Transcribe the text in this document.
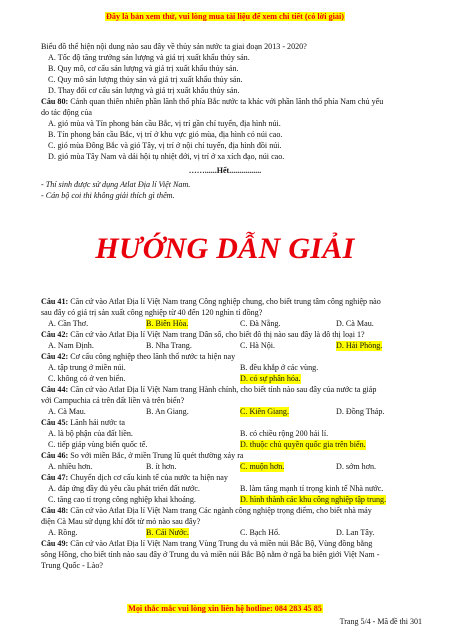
Đây là bản xem thử, vui lòng mua tài liệu để xem chi tiết (có lời giải)
Biểu đồ thể hiện nội dung nào sau đây về thủy sản nước ta giai đoạn 2013 - 2020?
A. Tốc độ tăng trưởng sản lượng và giá trị xuất khẩu thủy sản.
B. Quy mô, cơ cấu sản lượng và giá trị xuất khẩu thủy sản.
C. Quy mô sản lượng thủy sản và giá trị xuất khẩu thủy sản.
D. Thay đổi cơ cấu sản lượng và giá trị xuất khẩu thủy sản.
Câu 80: Cảnh quan thiên nhiên phần lãnh thổ phía Bắc nước ta khác với phần lãnh thổ phía Nam chủ yếu
do tác động của
A. gió mùa và Tín phong bán cầu Bắc, vị trí gần chí tuyến, địa hình núi.
B. Tín phong bán cầu Bắc, vị trí ở khu vực gió mùa, địa hình có núi cao.
C. gió mùa Đông Bắc và gió Tây, vị trí ở nội chí tuyến, địa hình đồi núi.
D. gió mùa Tây Nam và dải hội tụ nhiệt đới, vị trí ở xa xích đạo, núi cao.
……......Hết................
- Thí sinh được sử dụng Atlat Địa lí Việt Nam.
- Cán bộ coi thi không giải thích gì thêm.
HƯỚNG DẪN GIẢI
Câu 41: Căn cứ vào Atlat Địa lí Việt Nam trang Công nghiệp chung, cho biết trung tâm công nghiệp nào
sau đây có giá trị sản xuất công nghiệp từ 40 đến 120 nghìn tỉ đồng?
A. Cần Thơ.	B. Biên Hòa.	C. Đà Nẵng.	D. Cà Mau.
Câu 42: Căn cứ vào Atlat Địa lí Việt Nam trang Dân số, cho biết đô thị nào sau đây là đô thị loại 1?
A. Nam Định.	B. Nha Trang.	C. Hà Nội.	D. Hải Phòng.
Câu 42: Cơ cấu công nghiệp theo lãnh thổ nước ta hiện nay
A. tập trung ở miền núi.	B. đều khắp ở các vùng.
C. không có ở ven biển.	D. có sự phân hóa.
Câu 44: Căn cứ vào Atlat Địa lí Việt Nam trang Hành chính, cho biết tỉnh nào sau đây của nước ta giáp
với Campuchia cả trên đất liền và trên biển?
A. Cà Mau.	B. An Giang.	C. Kiên Giang.	D. Đồng Tháp.
Câu 45: Lãnh hải nước ta
A. là bộ phận của đất liền.	B. có chiều rộng 200 hải lí.
C. tiếp giáp vùng biển quốc tế.	D. thuộc chủ quyền quốc gia trên biển.
Câu 46: So với miền Bắc, ở miền Trung lũ quét thường xảy ra
A. nhiều hơn.	B. ít hơn.	C. muộn hơn.	D. sớm hơn.
Câu 47: Chuyển dịch cơ cấu kinh tế của nước ta hiện nay
A. đáp ứng đầy đủ yêu cầu phát triển đất nước.	B. làm tăng mạnh tỉ trọng kinh tế Nhà nước.
C. tăng cao tỉ trọng công nghiệp khai khoáng.	D. hình thành các khu công nghiệp tập trung.
Câu 48: Căn cứ vào Atlat Địa lí Việt Nam trang Các ngành công nghiệp trọng điểm, cho biết nhà máy
điện Cà Mau sử dụng khí đốt từ mỏ nào sau đây?
A. Rồng.	B. Cái Nước.	C. Bạch Hổ.	D. Lan Tây.
Câu 49: Căn cứ vào Atlat Địa lí Việt Nam trang Vùng Trung du và miền núi Bắc Bộ, Vùng đồng bằng
sông Hồng, cho biết tỉnh nào sau đây ở Trung du và miền núi Bắc Bộ nằm ở ngã ba biên giới Việt Nam -
Trung Quốc - Lào?
Mọi thắc mắc vui lòng xin liên hệ hotline: 084 283 45 85
Trang 5/4 - Mã đề thi 301
